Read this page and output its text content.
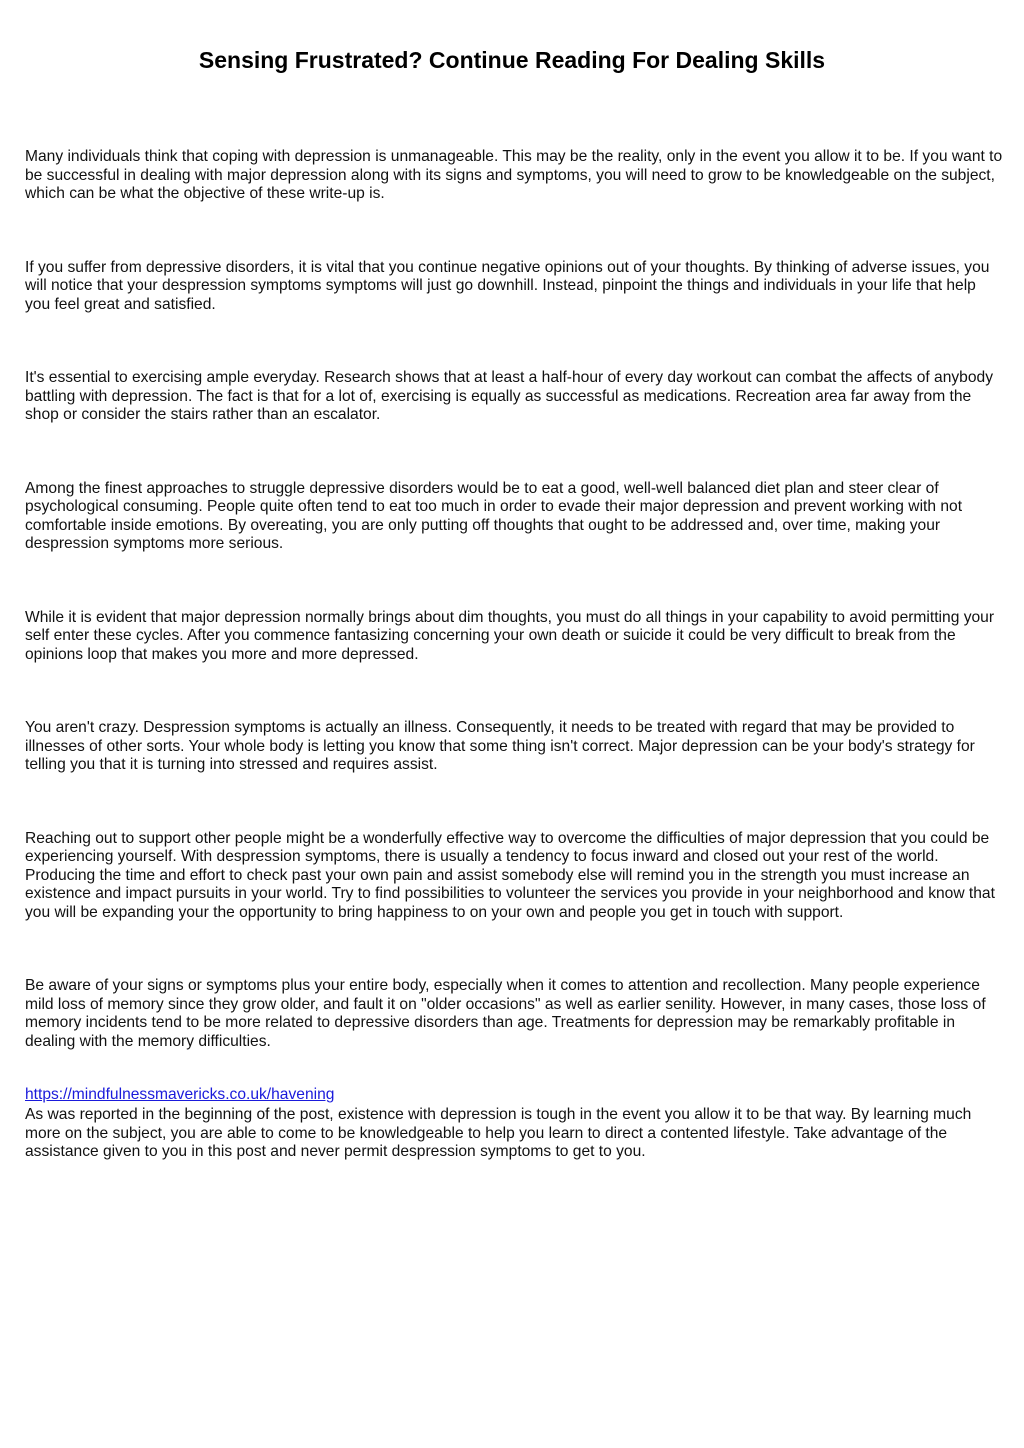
Sensing Frustrated? Continue Reading For Dealing Skills

Many individuals think that coping with depression is unmanageable. This may be the reality, only in the event you allow it to be. If you want to be successful in dealing with major depression along with its signs and symptoms, you will need to grow to be knowledgeable on the subject, which can be what the objective of these write-up is.

If you suffer from depressive disorders, it is vital that you continue negative opinions out of your thoughts. By thinking of adverse issues, you will notice that your despression symptoms symptoms will just go downhill. Instead, pinpoint the things and individuals in your life that help you feel great and satisfied.

It's essential to exercising ample everyday. Research shows that at least a half-hour of every day workout can combat the affects of anybody battling with depression. The fact is that for a lot of, exercising is equally as successful as medications. Recreation area far away from the shop or consider the stairs rather than an escalator.

Among the finest approaches to struggle depressive disorders would be to eat a good, well-well balanced diet plan and steer clear of psychological consuming. People quite often tend to eat too much in order to evade their major depression and prevent working with not comfortable inside emotions. By overeating, you are only putting off thoughts that ought to be addressed and, over time, making your despression symptoms more serious.

While it is evident that major depression normally brings about dim thoughts, you must do all things in your capability to avoid permitting your self enter these cycles. After you commence fantasizing concerning your own death or suicide it could be very difficult to break from the opinions loop that makes you more and more depressed.

You aren't crazy. Despression symptoms is actually an illness. Consequently, it needs to be treated with regard that may be provided to illnesses of other sorts. Your whole body is letting you know that some thing isn't correct. Major depression can be your body's strategy for telling you that it is turning into stressed and requires assist.

Reaching out to support other people might be a wonderfully effective way to overcome the difficulties of major depression that you could be experiencing yourself. With despression symptoms, there is usually a tendency to focus inward and closed out your rest of the world. Producing the time and effort to check past your own pain and assist somebody else will remind you in the strength you must increase an existence and impact pursuits in your world. Try to find possibilities to volunteer the services you provide in your neighborhood and know that you will be expanding your the opportunity to bring happiness to on your own and people you get in touch with support.

Be aware of your signs or symptoms plus your entire body, especially when it comes to attention and recollection. Many people experience mild loss of memory since they grow older, and fault it on "older occasions" as well as earlier senility. However, in many cases, those loss of memory incidents tend to be more related to depressive disorders than age. Treatments for depression may be remarkably profitable in dealing with the memory difficulties.

As was reported in the beginning of the post, existence with depression is tough in the event you allow it to be that way. By learning much more on the subject, you are able to come to be knowledgeable to help you learn to direct a contented lifestyle. Take advantage of the assistance given to you in this post and never permit despression symptoms to get to you.

https://mindfulnessmavericks.co.uk/havening
